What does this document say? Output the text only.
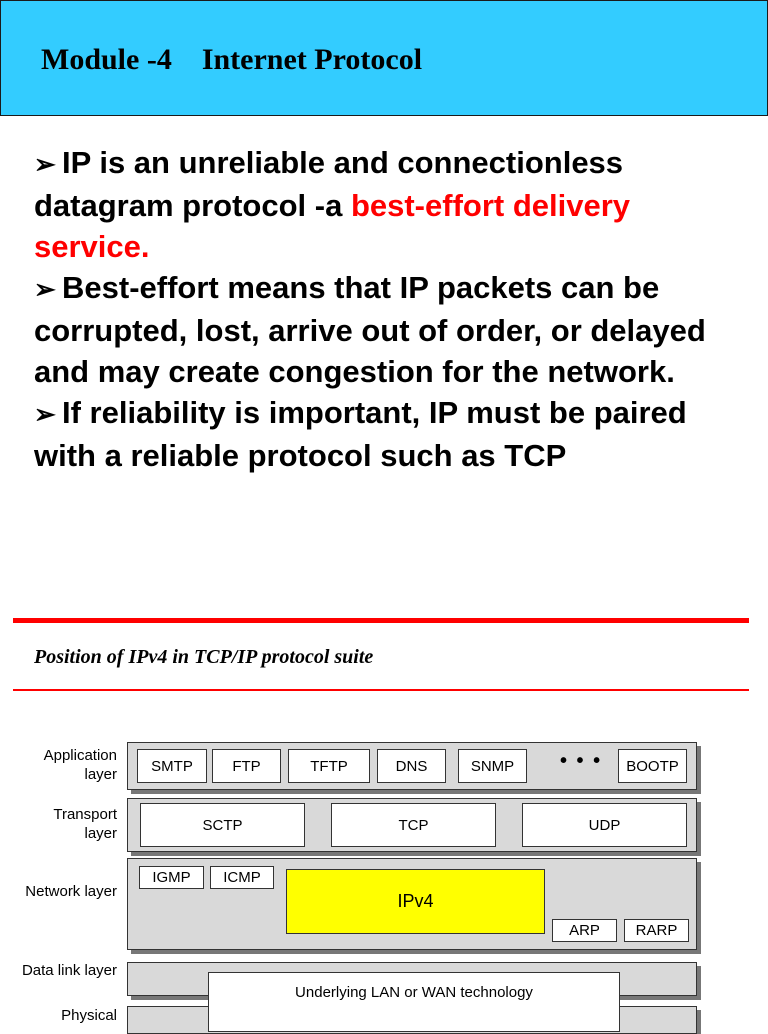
Module -4    Internet Protocol

➢ IP is an unreliable and connectionless datagram protocol -a best-effort delivery service.

➢ Best-effort means that IP packets can be corrupted, lost, arrive out of order, or delayed and may create congestion for the network.

➢ If reliability is important, IP must be paired with a reliable protocol such as TCP

Position of IPv4 in TCP/IP protocol suite

Application layer
Transport layer
Network layer
Data link layer
Physical
SMTP	FTP	TFTP	DNS	SNMP	• • •	BOOTP
SCTP	TCP	UDP
IGMP	ICMP
IPv4
ARP	RARP
Underlying LAN or WAN technology
